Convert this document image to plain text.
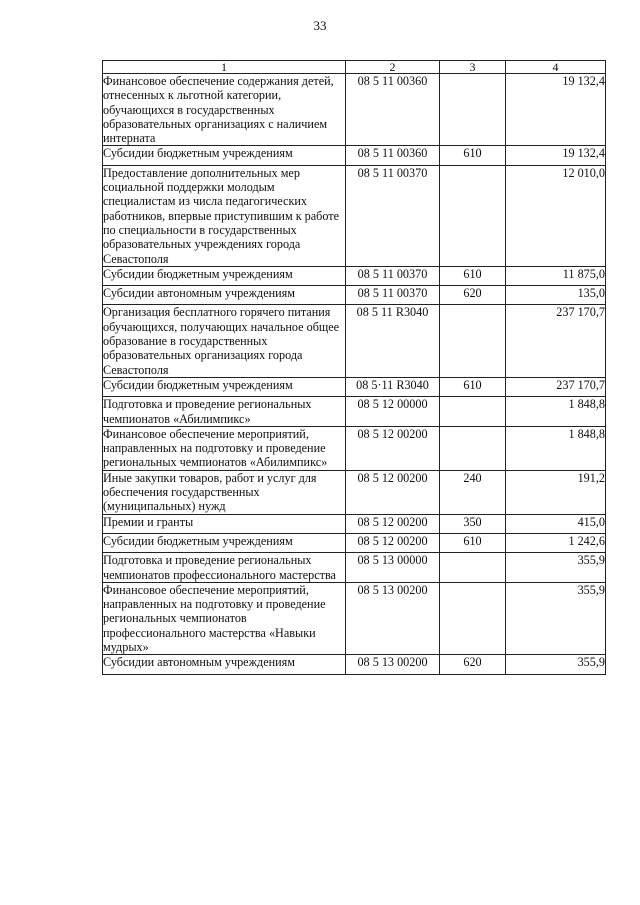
33
1	2	3	4
Финансовое обеспечение содержания детей, отнесенных к льготной категории, обучающихся в государственных образовательных организациях с наличием интерната	08 5 11 00360		19 132,4
Субсидии бюджетным учреждениям	08 5 11 00360	610	19 132,4
Предоставление дополнительных мер социальной поддержки молодым специалистам из числа педагогических работников, впервые приступившим к работе по специальности в государственных образовательных учреждениях города Севастополя	08 5 11 00370		12 010,0
Субсидии бюджетным учреждениям	08 5 11 00370	610	11 875,0
Субсидии автономным учреждениям	08 5 11 00370	620	135,0
Организация бесплатного горячего питания обучающихся, получающих начальное общее образование в государственных образовательных организациях города Севастополя	08 5 11 R3040		237 170,7
Субсидии бюджетным учреждениям	08 5·11 R3040	610	237 170,7
Подготовка и проведение региональных чемпионатов «Абилимпикс»	08 5 12 00000		1 848,8
Финансовое обеспечение мероприятий, направленных на подготовку и проведение региональных чемпионатов «Абилимпикс»	08 5 12 00200		1 848,8
Иные закупки товаров, работ и услуг для обеспечения государственных (муниципальных) нужд	08 5 12 00200	240	191,2
Премии и гранты	08 5 12 00200	350	415,0
Субсидии бюджетным учреждениям	08 5 12 00200	610	1 242,6
Подготовка и проведение региональных чемпионатов профессионального мастерства	08 5 13 00000		355,9
Финансовое обеспечение мероприятий, направленных на подготовку и проведение региональных чемпионатов профессионального мастерства «Навыки мудрых»	08 5 13 00200		355,9
Субсидии автономным учреждениям	08 5 13 00200	620	355,9
